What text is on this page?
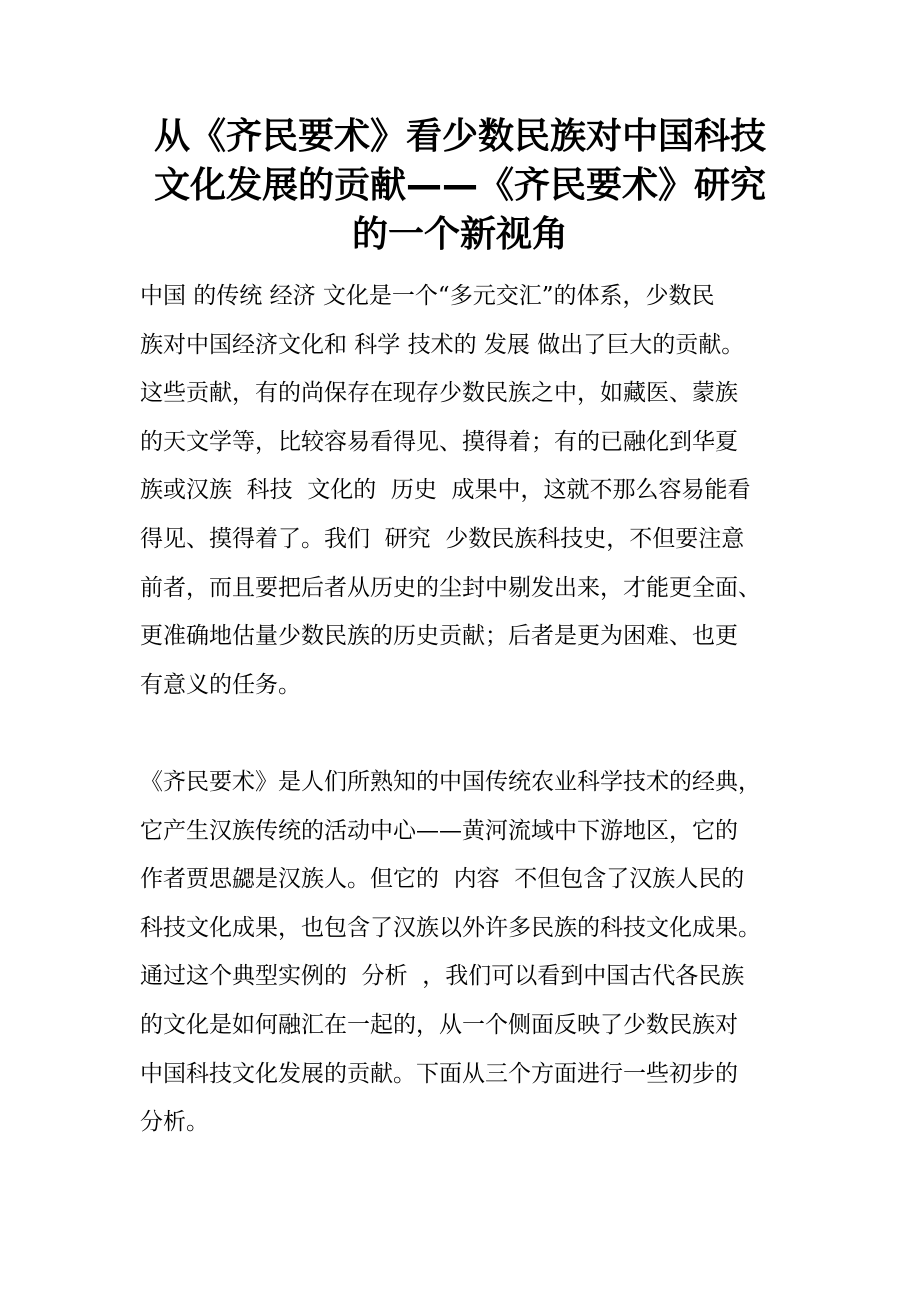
从《齐民要术》看少数民族对中国科技
文化发展的贡献——《齐民要术》研究
的一个新视角

中国 的传统 经济 文化是一个“多元交汇”的体系，少数民
族对中国经济文化和 科学 技术的 发展 做出了巨大的贡献。
这些贡献，有的尚保存在现存少数民族之中，如藏医、蒙族
的天文学等，比较容易看得见、摸得着；有的已融化到华夏
族或汉族  科技  文化的  历史  成果中，这就不那么容易能看
得见、摸得着了。我们  研究  少数民族科技史，不但要注意
前者，而且要把后者从历史的尘封中剔发出来，才能更全面、
更准确地估量少数民族的历史贡献；后者是更为困难、也更
有意义的任务。

《齐民要术》是人们所熟知的中国传统农业科学技术的经典，
它产生汉族传统的活动中心——黄河流域中下游地区，它的
作者贾思勰是汉族人。但它的  内容  不但包含了汉族人民的
科技文化成果，也包含了汉族以外许多民族的科技文化成果。
通过这个典型实例的  分析  ，我们可以看到中国古代各民族
的文化是如何融汇在一起的，从一个侧面反映了少数民族对
中国科技文化发展的贡献。下面从三个方面进行一些初步的
分析。
